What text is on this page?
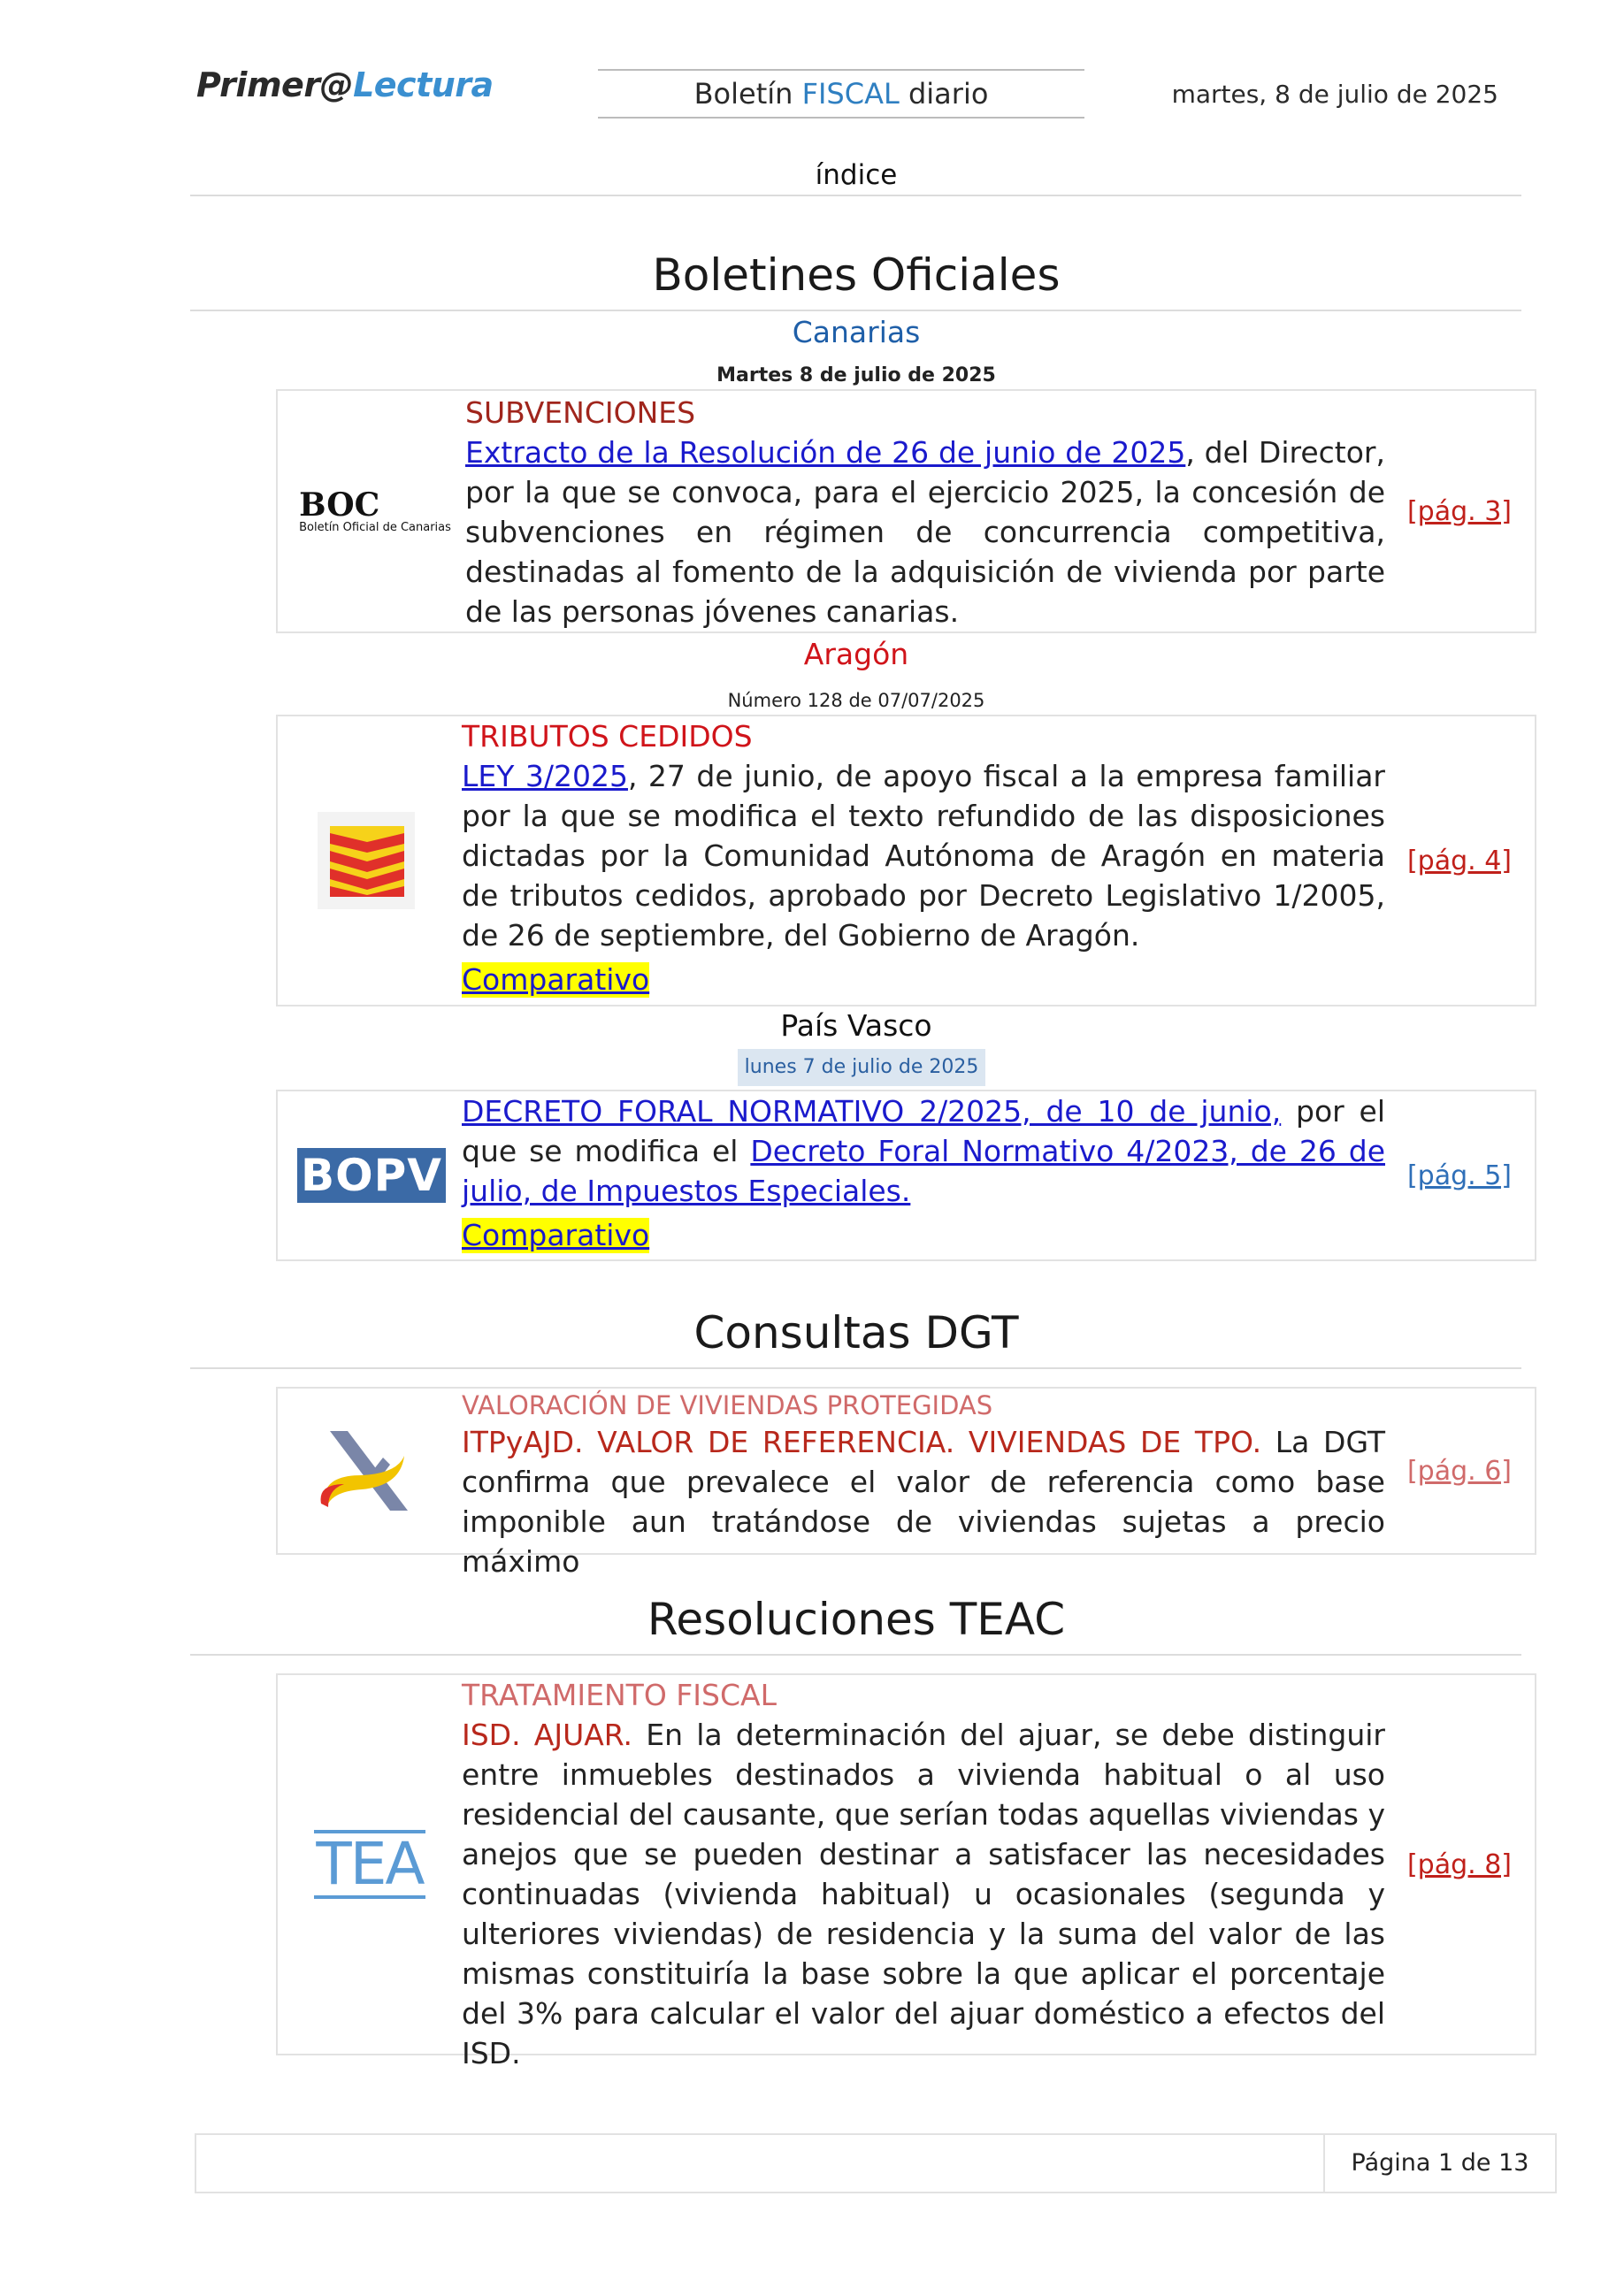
Primer@Lectura	Boletín FISCAL diario	martes, 8 de julio de 2025
índice
Boletines Oficiales
Canarias
Martes 8 de julio de 2025
BOC
Boletín Oficial de Canarias
SUBVENCIONES
Extracto de la Resolución de 26 de junio de 2025, del Director, por la que se convoca, para el ejercicio 2025, la concesión de subvenciones en régimen de concurrencia competitiva, destinadas al fomento de la adquisición de vivienda por parte de las personas jóvenes canarias.
[pág. 3]
Aragón
Número 128 de 07/07/2025
TRIBUTOS CEDIDOS
LEY 3/2025, 27 de junio, de apoyo fiscal a la empresa familiar por la que se modifica el texto refundido de las disposiciones dictadas por la Comunidad Autónoma de Aragón en materia de tributos cedidos, aprobado por Decreto Legislativo 1/2005, de 26 de septiembre, del Gobierno de Aragón.
Comparativo
[pág. 4]
País Vasco
lunes 7 de julio de 2025
BOPV
DECRETO FORAL NORMATIVO 2/2025, de 10 de junio, por el que se modifica el Decreto Foral Normativo 4/2023, de 26 de julio, de Impuestos Especiales.
Comparativo
[pág. 5]
Consultas DGT
VALORACIÓN DE VIVIENDAS PROTEGIDAS
ITPyAJD. VALOR DE REFERENCIA. VIVIENDAS DE TPO. La DGT confirma que prevalece el valor de referencia como base imponible aun tratándose de viviendas sujetas a precio máximo
[pág. 6]
Resoluciones TEAC
TEA
TRATAMIENTO FISCAL
ISD. AJUAR. En la determinación del ajuar, se debe distinguir entre inmuebles destinados a vivienda habitual o al uso residencial del causante, que serían todas aquellas viviendas y anejos que se pueden destinar a satisfacer las necesidades continuadas (vivienda habitual) u ocasionales (segunda y ulteriores viviendas) de residencia y la suma del valor de las mismas constituiría la base sobre la que aplicar el porcentaje del 3% para calcular el valor del ajuar doméstico a efectos del ISD.
[pág. 8]
Página 1 de 13
